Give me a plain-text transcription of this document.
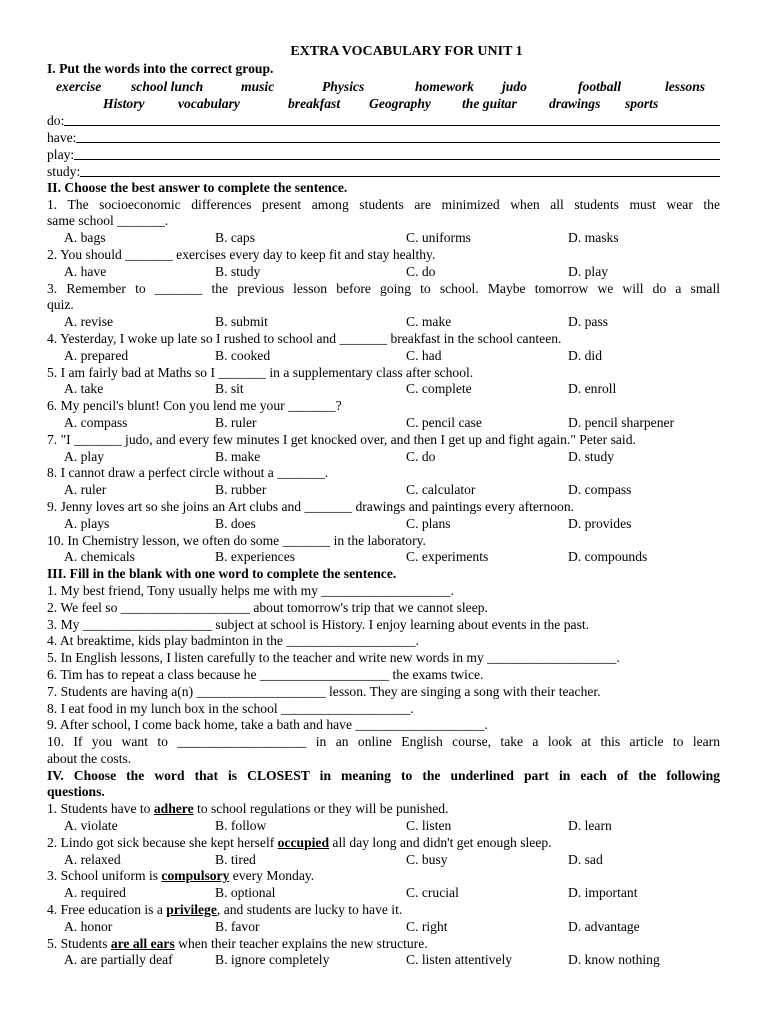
EXTRA VOCABULARY FOR UNIT 1
I. Put the words into the correct group.
exercise school lunch	music	Physics	homework judo	football	lessons
History vocabulary	breakfast Geography the guitar drawings sports
do:
have:
play:
study:
II. Choose the best answer to complete the sentence.
1. The socioeconomic differences present among students are minimized when all students must wear the
same school _______.
A. bags	B. caps	C. uniforms	D. masks
2. You should _______ exercises every day to keep fit and stay healthy.
A. have	B. study	C. do	D. play
3. Remember to _______ the previous lesson before going to school. Maybe tomorrow we will do a small
quiz.
A. revise	B. submit	C. make	D. pass
4. Yesterday, I woke up late so I rushed to school and _______ breakfast in the school canteen.
A. prepared	B. cooked	C. had	D. did
5. I am fairly bad at Maths so I _______ in a supplementary class after school.
A. take	B. sit	C. complete	D. enroll
6. My pencil's blunt! Con you lend me your _______?
A. compass	B. ruler	C. pencil case	D. pencil sharpener
7. "I _______ judo, and every few minutes I get knocked over, and then I get up and fight again." Peter said.
A. play	B. make	C. do	D. study
8. I cannot draw a perfect circle without a _______.
A. ruler	B. rubber	C. calculator	D. compass
9. Jenny loves art so she joins an Art clubs and _______ drawings and paintings every afternoon.
A. plays	B. does	C. plans	D. provides
10. In Chemistry lesson, we often do some _______ in the laboratory.
A. chemicals	B. experiences	C. experiments	D. compounds
III. Fill in the blank with one word to complete the sentence.
1. My best friend, Tony usually helps me with my ___________________.
2. We feel so ___________________ about tomorrow's trip that we cannot sleep.
3. My ___________________ subject at school is History. I enjoy learning about events in the past.
4. At breaktime, kids play badminton in the ___________________.
5. In English lessons, I listen carefully to the teacher and write new words in my ___________________.
6. Tim has to repeat a class because he ___________________ the exams twice.
7. Students are having a(n) ___________________ lesson. They are singing a song with their teacher.
8. I eat food in my lunch box in the school ___________________.
9. After school, I come back home, take a bath and have ___________________.
10. If you want to ___________________ in an online English course, take a look at this article to learn
about the costs.
IV. Choose the word that is CLOSEST in meaning to the underlined part in each of the following
questions.
1. Students have to adhere to school regulations or they will be punished.
A. violate	B. follow	C. listen	D. learn
2. Lindo got sick because she kept herself occupied all day long and didn't get enough sleep.
A. relaxed	B. tired	C. busy	D. sad
3. School uniform is compulsory every Monday.
A. required	B. optional	C. crucial	D. important
4. Free education is a privilege, and students are lucky to have it.
A. honor	B. favor	C. right	D. advantage
5. Students are all ears when their teacher explains the new structure.
A. are partially deaf	B. ignore completely	C. listen attentively	D. know nothing
